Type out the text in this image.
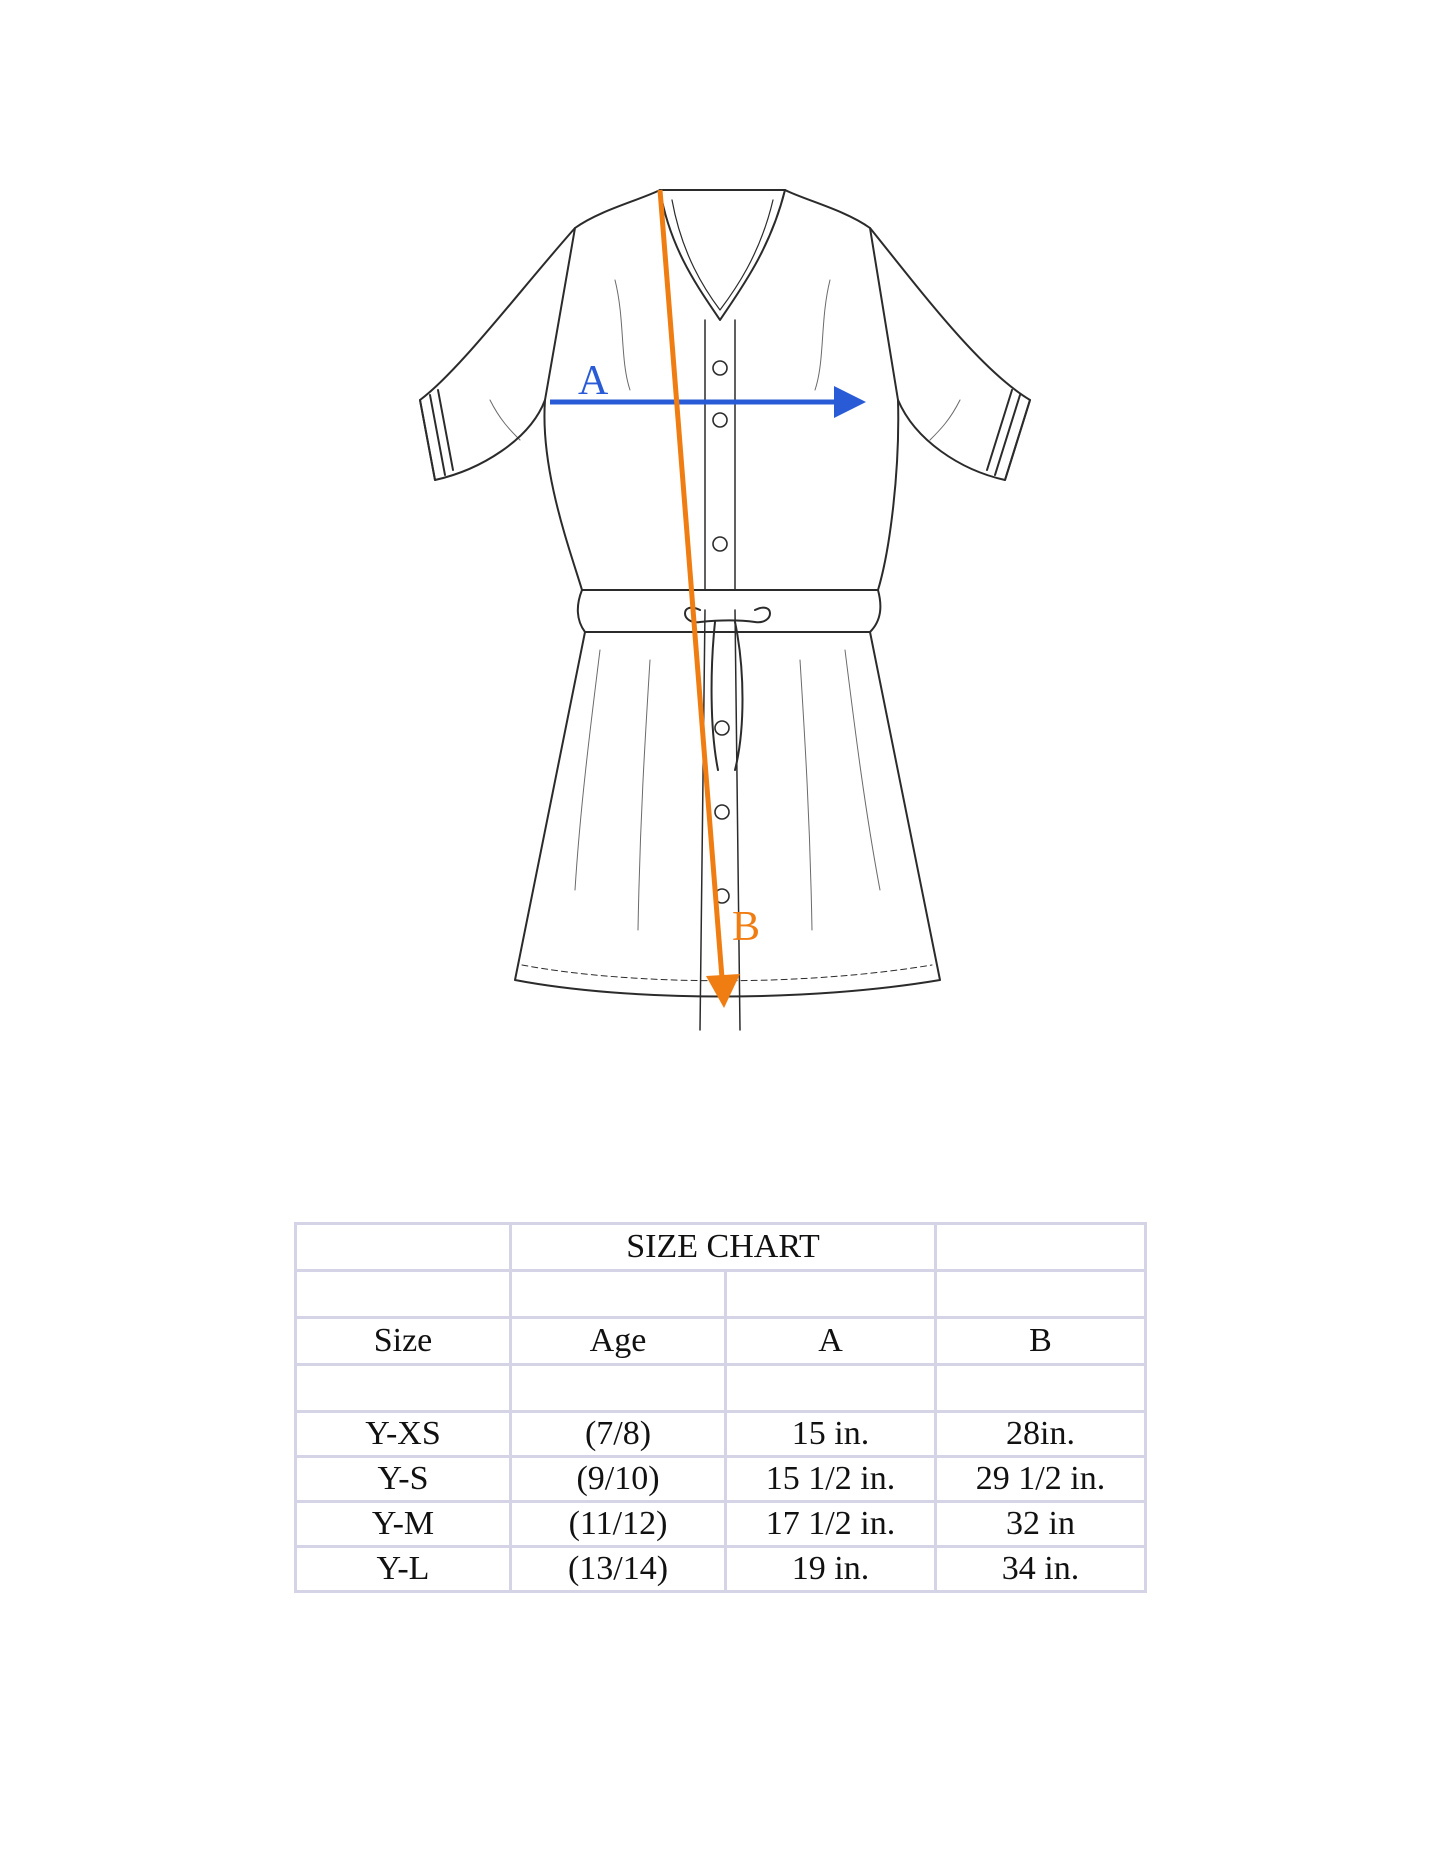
A
B
	SIZE CHART		

Size	Age	A	B

Y-XS	(7/8)	15 in.	28in.
Y-S	(9/10)	15 1/2 in.	29 1/2 in.
Y-M	(11/12)	17 1/2 in.	32 in
Y-L	(13/14)	19 in.	34 in.
